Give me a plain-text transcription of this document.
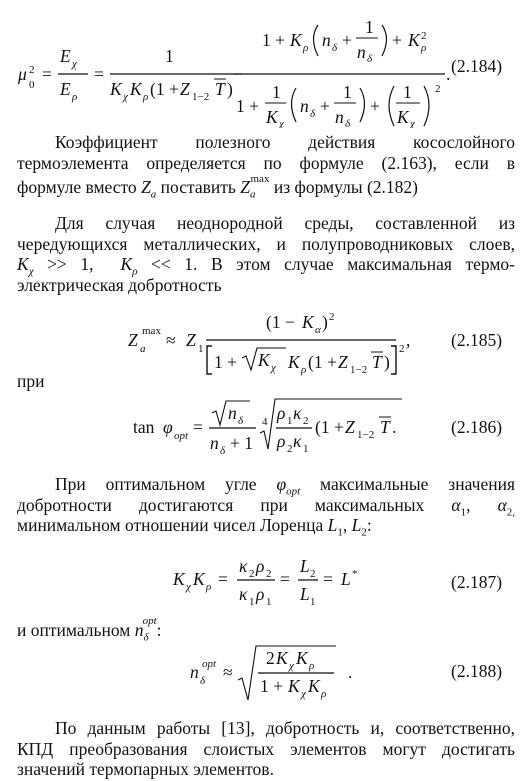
μ
0
2 =
E χ
E ρ
=
1
K χ K ρ (1 + Z 1−2 T )
1 + K ρ n δ +
1
n δ
+ K ρ
2
1 +
1
K χ
n δ +
1
n δ
+
1
K χ
2
. (2.184)
Коэффициент полезного действия косослойного
термоэлемента определяется по формуле (2.163), если в
формуле вместо $Z_a$ поставить $Z_a^{max}$ из формулы (2.182)
Для случая неоднородной среды, составленной из
чередующихся металлических, и полупроводниковых слоев,
$K_\chi >> 1$, $K_\rho << 1$. В этом случае максимальная термо-
электрическая добротность
Z a
max ≈ Z 1
(1 − K α ) 2
1 + K χ K ρ (1 + Z 1−2 T )
2 , (2.185)
при
tan φ opt =
n δ
n δ + 1
4 ρ 1 κ 2
ρ 2 κ 1
(1 + Z 1−2 T .	(2.186)
При оптимальном угле $\varphi_{opt}$ максимальные значения
добротности достигаются при максимальных $\alpha_1$, $\alpha_{2,}$
минимальном отношении чисел Лоренца $L_1$, $L_2$:
K χ K ρ =
κ 2 ρ 2
κ 1 ρ 1
=
L 2
L 1
= L *	(2.187)
и оптимальном $n_\delta^{opt}$:
n δ
opt ≈
2 K χ K ρ
1 + K χ K ρ
.	(2.188)
По данным работы [13], добротность и, соответственно,
КПД преобразования слоистых элементов могут достигать
значений термопарных элементов.
